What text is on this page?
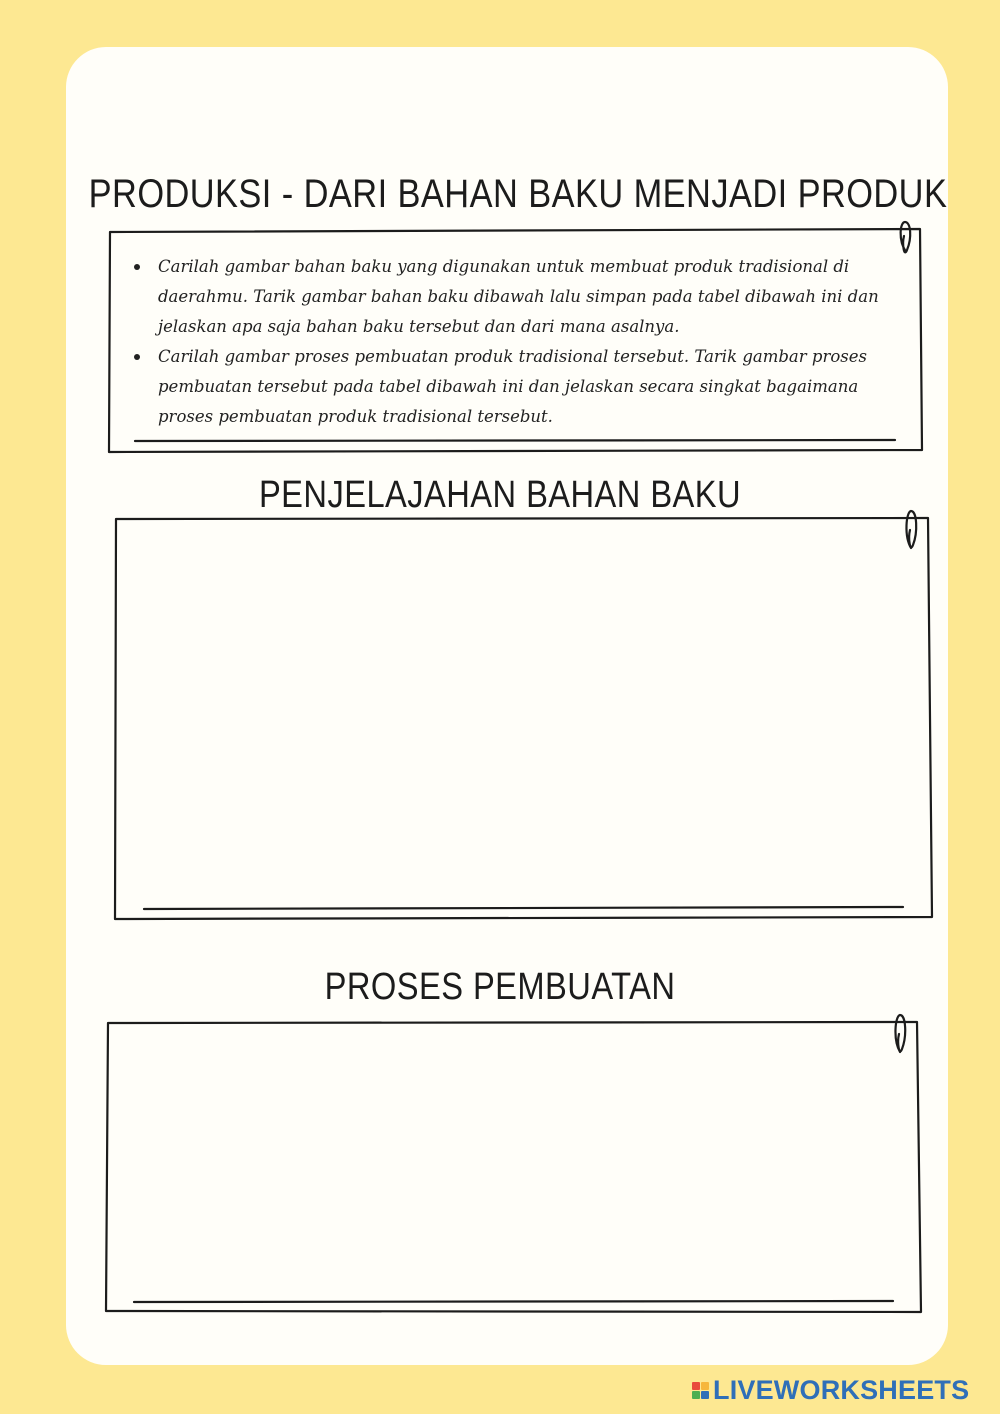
PRODUKSI - DARI BAHAN BAKU MENJADI PRODUK
Carilah gambar bahan baku yang digunakan untuk membuat produk tradisional di daerahmu. Tarik gambar bahan baku dibawah lalu simpan pada tabel dibawah ini dan jelaskan apa saja bahan baku tersebut dan dari mana asalnya.
Carilah gambar proses pembuatan produk tradisional tersebut. Tarik gambar proses pembuatan tersebut pada tabel dibawah ini dan jelaskan secara singkat bagaimana proses pembuatan produk tradisional tersebut.
PENJELAJAHAN BAHAN BAKU
PROSES PEMBUATAN
LIVEWORKSHEETS
